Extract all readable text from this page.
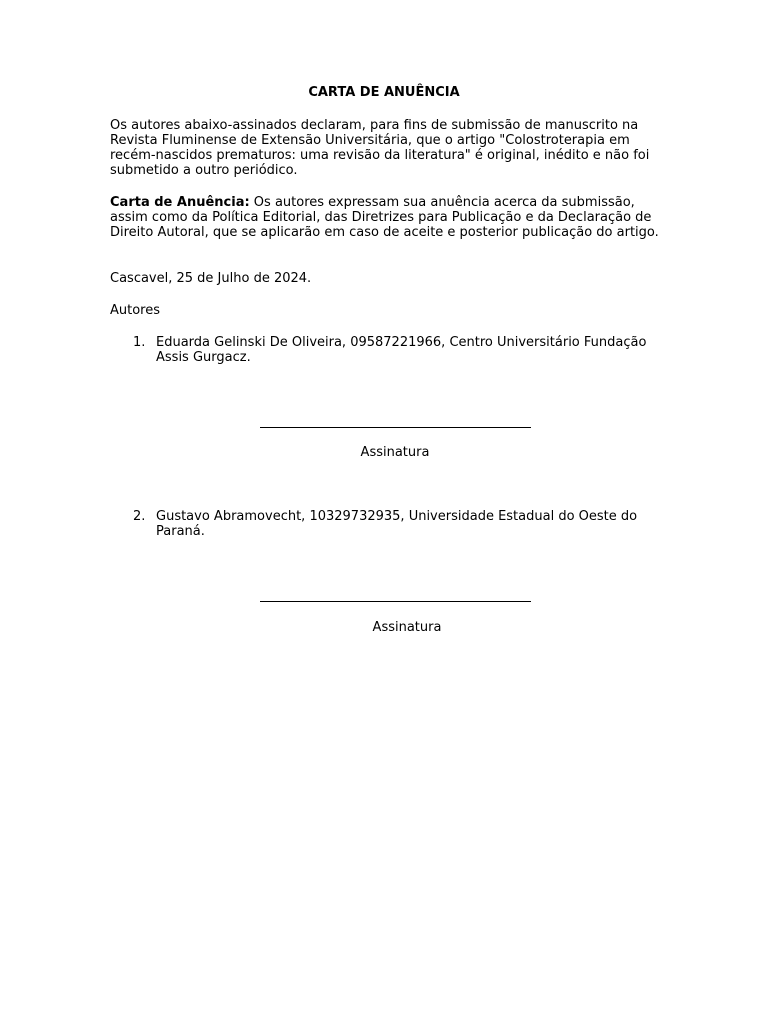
CARTA DE ANUÊNCIA
Os autores abaixo-assinados declaram, para fins de submissão de manuscrito na Revista Fluminense de Extensão Universitária, que o artigo "Colostroterapia em recém-nascidos prematuros: uma revisão da literatura" é original, inédito e não foi submetido a outro periódico.
Carta de Anuência: Os autores expressam sua anuência acerca da submissão, assim como da Política Editorial, das Diretrizes para Publicação e da Declaração de Direito Autoral, que se aplicarão em caso de aceite e posterior publicação do artigo.
Cascavel, 25 de Julho de 2024.
Autores
1. Eduarda Gelinski De Oliveira, 09587221966, Centro Universitário Fundação Assis Gurgacz.
Assinatura
2. Gustavo Abramovecht, 10329732935, Universidade Estadual do Oeste do Paraná.
Assinatura
